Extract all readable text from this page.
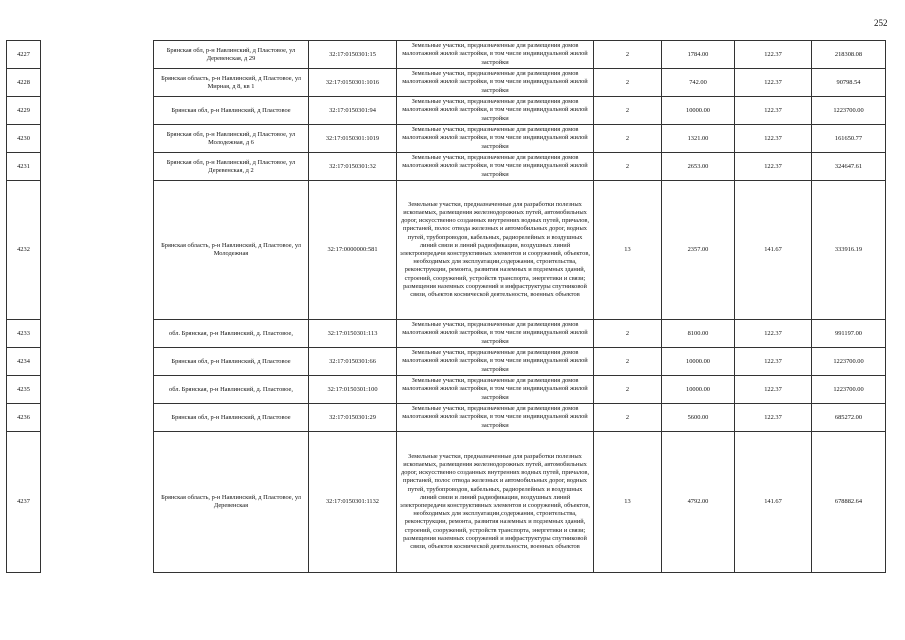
252
4227		Брянская обл, р-н Навлинский, д Пластовое, ул Деревенская, д 29	32:17:0150301:15	Земельные участки, предназначенные для размещения домов малоэтажной жилой застройки, в том числе индивидуальной жилой застройки	2	1784.00	122.37	218308.08
4228		Брянская область, р-н Навлинский, д Пластовое, ул Мирная, д 8, кв 1	32:17:0150301:1016	Земельные участки, предназначенные для размещения домов малоэтажной жилой застройки, в том числе индивидуальной жилой застройки	2	742.00	122.37	90798.54
4229		Брянская обл, р-н Навлинский, д Пластовое	32:17:0150301:94	Земельные участки, предназначенные для размещения домов малоэтажной жилой застройки, в том числе индивидуальной жилой застройки	2	10000.00	122.37	1223700.00
4230		Брянская обл, р-н Навлинский, д Пластовое, ул Молодежная, д 6	32:17:0150301:1019	Земельные участки, предназначенные для размещения домов малоэтажной жилой застройки, в том числе индивидуальной жилой застройки	2	1321.00	122.37	161650.77
4231		Брянская обл, р-н Навлинский, д Пластовое, ул Деревенская, д 2	32:17:0150301:32	Земельные участки, предназначенные для размещения домов малоэтажной жилой застройки, в том числе индивидуальной жилой застройки	2	2653.00	122.37	324647.61
4232		Брянская область, р-н Навлинский, д Пластовое, ул Молодежная	32:17:0000000:581	Земельные участки, предназначенные для разработки полезных ископаемых, размещения железнодорожных путей, автомобильных дорог, искусственно созданных внутренних водных путей, причалов, пристаней, полос отвода железных и автомобильных дорог, водных путей, трубопроводов, кабельных, радиорелейных и воздушных линий связи и линий радиофикации, воздушных линий электропередачи конструктивных элементов и сооружений, объектов, необходимых для эксплуатации,содержания, строительства, реконструкции, ремонта, развития наземных и подземных зданий, строений, сооружений, устройств транспорта, энергетики и связи; размещения наземных сооружений и инфраструктуры спутниковой связи, объектов космической деятельности, военных объектов	13	2357.00	141.67	333916.19
4233		обл. Брянская, р-н Навлинский, д. Пластовое,	32:17:0150301:113	Земельные участки, предназначенные для размещения домов малоэтажной жилой застройки, в том числе индивидуальной жилой застройки	2	8100.00	122.37	991197.00
4234		Брянская обл, р-н Навлинский, д Пластовое	32:17:0150301:66	Земельные участки, предназначенные для размещения домов малоэтажной жилой застройки, в том числе индивидуальной жилой застройки	2	10000.00	122.37	1223700.00
4235		обл. Брянская, р-н Навлинский, д. Пластовое,	32:17:0150301:100	Земельные участки, предназначенные для размещения домов малоэтажной жилой застройки, в том числе индивидуальной жилой застройки	2	10000.00	122.37	1223700.00
4236		Брянская обл, р-н Навлинский, д Пластовое	32:17:0150301:29	Земельные участки, предназначенные для размещения домов малоэтажной жилой застройки, в том числе индивидуальной жилой застройки	2	5600.00	122.37	685272.00
4237		Брянская область, р-н Навлинский, д Пластовое, ул Деревенская	32:17:0150301:1132	Земельные участки, предназначенные для разработки полезных ископаемых, размещения железнодорожных путей, автомобильных дорог, искусственно созданных внутренних водных путей, причалов, пристаней, полос отвода железных и автомобильных дорог, водных путей, трубопроводов, кабельных, радиорелейных и воздушных линий связи и линий радиофикации, воздушных линий электропередачи конструктивных элементов и сооружений, объектов, необходимых для эксплуатации,содержания, строительства, реконструкции, ремонта, развития наземных и подземных зданий, строений, сооружений, устройств транспорта, энергетики и связи; размещения наземных сооружений и инфраструктуры спутниковой связи, объектов космической деятельности, военных объектов	13	4792.00	141.67	678882.64
